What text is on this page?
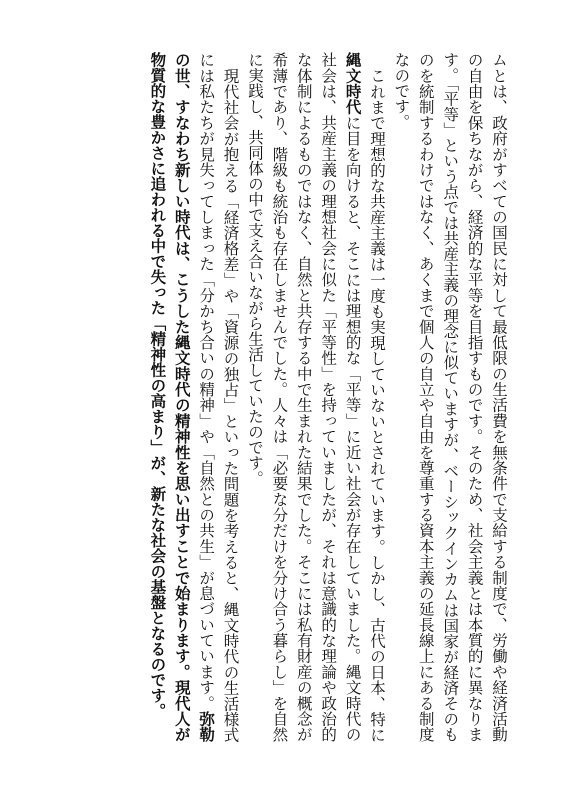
ムとは、政府がすべての国民に対して最低限の生活費を無条件で支給する制度で、労働や経済活動の自由を保ちながら、経済的な平等を目指すものです。そのため、社会主義とは本質的に異なります。「平等」という点では共産主義の理念に似ていますが、ベーシックインカムは国家が経済そのものを統制するわけではなく、あくまで個人の自立や自由を尊重する資本主義の延長線上にある制度なのです。

これまで理想的な共産主義は一度も実現していないとされています。しかし、古代の日本、特に縄文時代に目を向けると、そこには理想的な「平等」に近い社会が存在していました。縄文時代の社会は、共産主義の理想社会に似た「平等性」を持っていましたが、それは意識的な理論や政治的な体制によるものではなく、自然と共存する中で生まれた結果でした。そこには私有財産の概念が希薄であり、階級も統治も存在しませんでした。人々は「必要な分だけを分け合う暮らし」を自然に実践し、共同体の中で支え合いながら生活していたのです。

現代社会が抱える「経済格差」や「資源の独占」といった問題を考えると、縄文時代の生活様式には私たちが見失ってしまった「分かち合いの精神」や「自然との共生」が息づいています。弥勒の世、すなわち新しい時代は、こうした縄文時代の精神性を思い出すことで始まります。現代人が物質的な豊かさに追われる中で失った「精神性の高まり」が、新たな社会の基盤となるのです。
